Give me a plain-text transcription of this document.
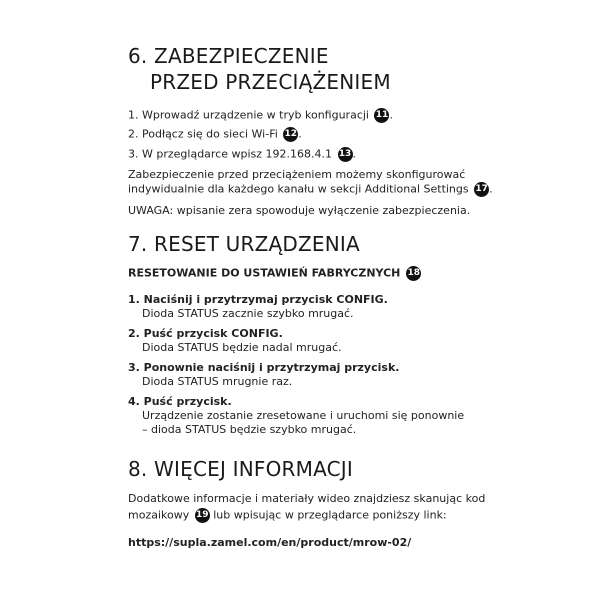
6. ZABEZPIECZENIE
PRZED PRZECIĄŻENIEM

1. Wprowadź urządzenie w tryb konfiguracji 11.

2. Podłącz się do sieci Wi-Fi 12.

3. W przeglądarce wpisz 192.168.4.1 13.

Zabezpieczenie przed przeciążeniem możemy skonfigurować

indywidualnie dla każdego kanału w sekcji Additional Settings 17.

UWAGA: wpisanie zera spowoduje wyłączenie zabezpieczenia.

7. RESET URZĄDZENIA

RESETOWANIE DO USTAWIEŃ FABRYCZNYCH 18

1. Naciśnij i przytrzymaj przycisk CONFIG.
Dioda STATUS zacznie szybko mrugać.
2. Puść przycisk CONFIG.
Dioda STATUS będzie nadal mrugać.
3. Ponownie naciśnij i przytrzymaj przycisk.
Dioda STATUS mrugnie raz.
4. Puść przycisk.
Urządzenie zostanie zresetowane i uruchomi się ponownie
– dioda STATUS będzie szybko mrugać.
8. WIĘCEJ INFORMACJI

Dodatkowe informacje i materiały wideo znajdziesz skanując kod

mozaikowy 19 lub wpisując w przeglądarce poniższy link:

https://supla.zamel.com/en/product/mrow-02/
